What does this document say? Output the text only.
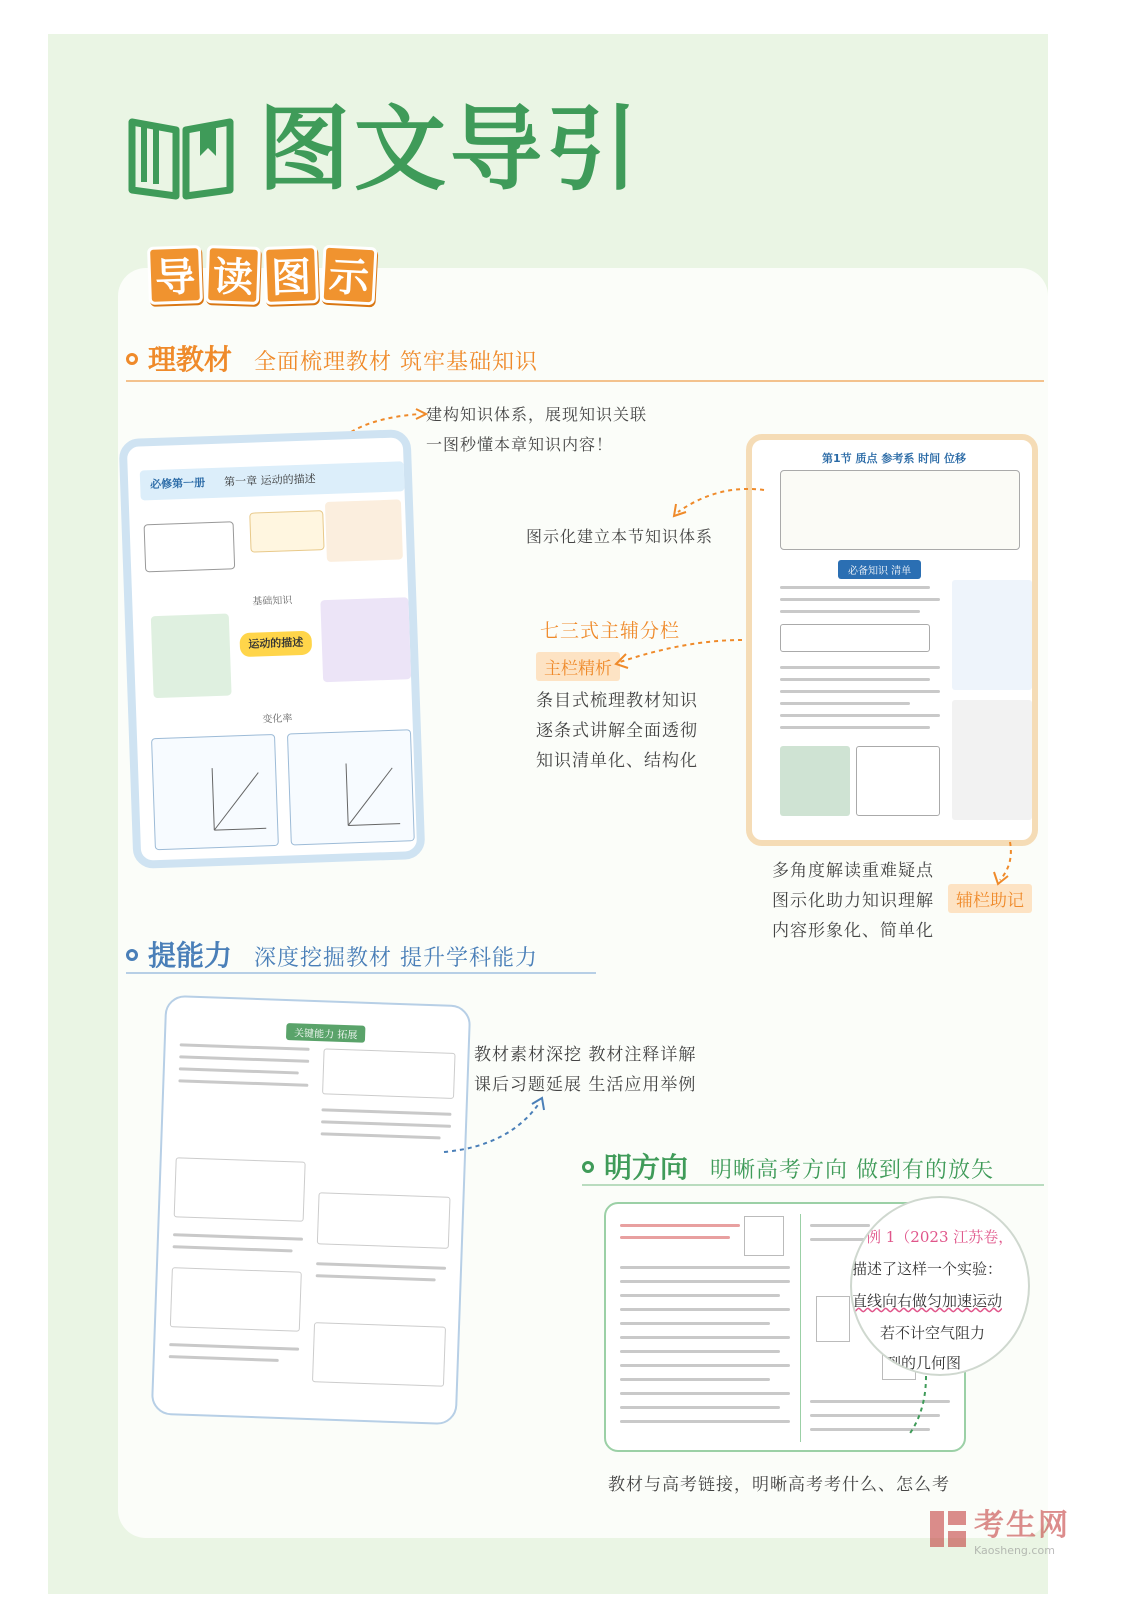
图文导引
导 读 图 示
理教材 全面梳理教材 筑牢基础知识
建构知识体系，展现知识关联
一图秒懂本章知识内容！
必修第一册 第一章 运动的描述
基础知识
运动的描述
变化率
第1节 质点 参考系 时间 位移
必备知识 清单
图示化建立本节知识体系
七三式主辅分栏
主栏精析
条目式梳理教材知识
逐条式讲解全面透彻
知识清单化、结构化
多角度解读重难疑点
图示化助力知识理解
内容形象化、简单化
辅栏助记
提能力 深度挖掘教材 提升学科能力
关键能力 拓展
教材素材深挖 教材注释详解
课后习题延展 生活应用举例
明方向 明晰高考方向 做到有的放矢
例 1（2023 江苏卷，
描述了这样一个实验：
直线向右做匀加速运动
若不计空气阻力
到的几何图
教材与高考链接，明晰高考考什么、怎么考
考生网
Kaosheng.com
